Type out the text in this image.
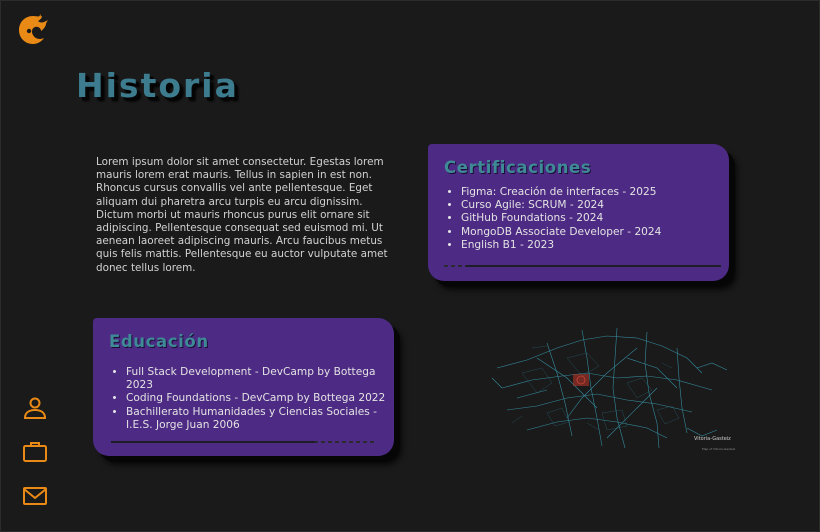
Historia

Lorem ipsum dolor sit amet consectetur. Egestas lorem mauris lorem erat mauris. Tellus in sapien in est non. Rhoncus cursus convallis vel ante pellentesque. Eget aliquam dui pharetra arcu turpis eu arcu dignissim. Dictum morbi ut mauris rhoncus purus elit ornare sit adipiscing. Pellentesque consequat sed euismod mi. Ut aenean laoreet adipiscing mauris. Arcu faucibus metus quis felis mattis. Pellentesque eu auctor vulputate amet donec tellus lorem.

Certificaciones
• Figma: Creación de interfaces - 2025
• Curso Agile: SCRUM - 2024
• GitHub Foundations - 2024
• MongoDB Associate Developer - 2024
• English B1 - 2023
Educación
• Full Stack Development - DevCamp by Bottega 2023
• Coding Foundations - DevCamp by Bottega 2022
• Bachillerato Humanidades y Ciencias Sociales - I.E.S. Jorge Juan 2006
Vitoria-Gasteiz
Map of Vitoria-Gasteiz
